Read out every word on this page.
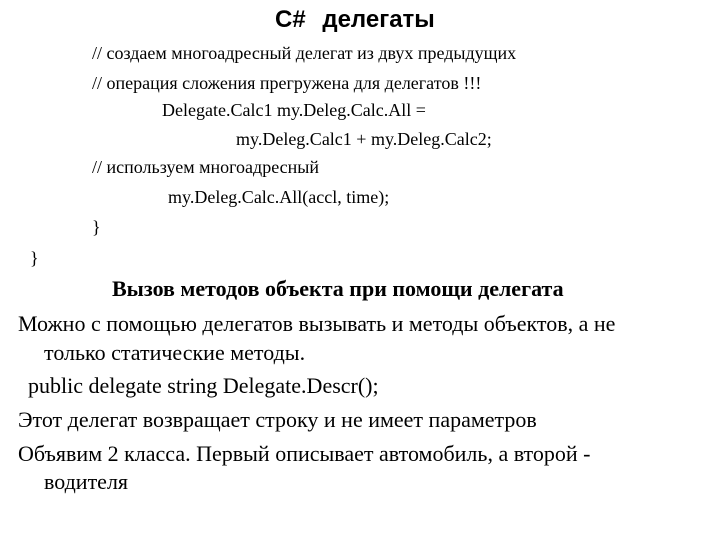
C# делегаты
// создаем многоадресный делегат из двух предыдущих
// операция сложения прегружена для делегатов !!!
Delegate.Calc1 my.Deleg.Calc.All =
my.Deleg.Calc1 + my.Deleg.Calc2;
// используем многоадресный
my.Deleg.Calc.All(accl, time);
}
}
Вызов методов объекта при помощи делегата
Можно с помощью делегатов вызывать и методы объектов, а не
только статические методы.
public delegate string Delegate.Descr();
Этот делегат возвращает строку и не имеет параметров
Объявим 2 класса. Первый описывает автомобиль, а второй -
водителя
